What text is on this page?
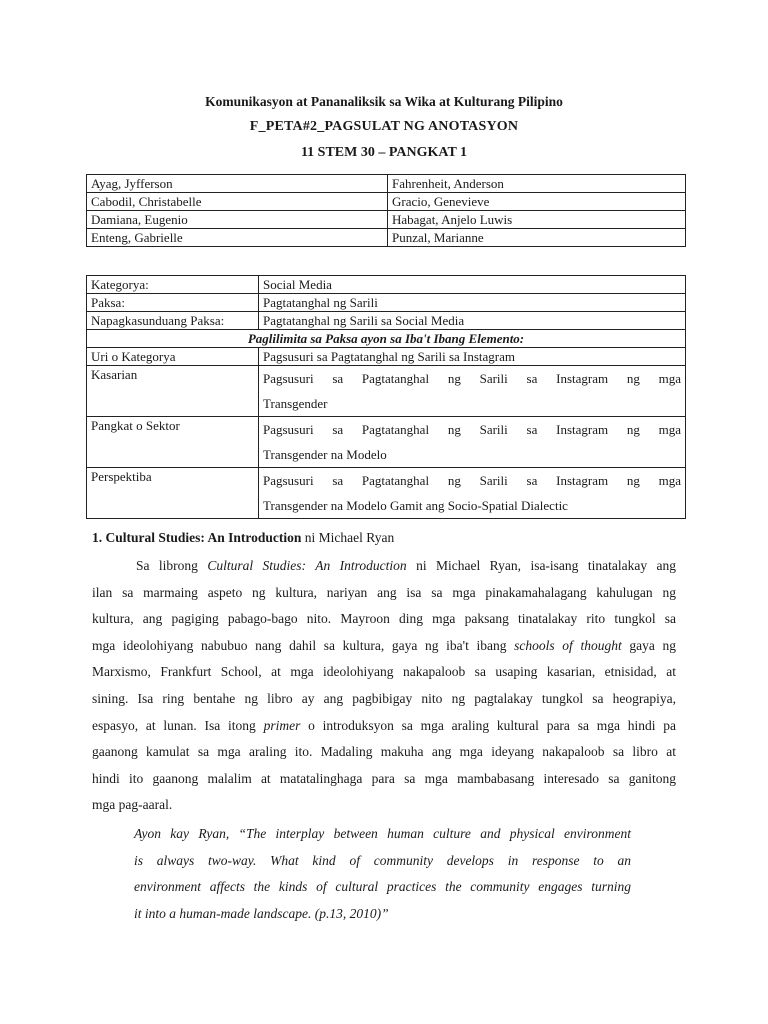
Komunikasyon at Pananaliksik sa Wika at Kulturang Pilipino
F_PETA#2_PAGSULAT NG ANOTASYON
11 STEM 30 – PANGKAT 1
Ayag, Jyfferson	Fahrenheit, Anderson
Cabodil, Christabelle	Gracio, Genevieve
Damiana, Eugenio	Habagat, Anjelo Luwis
Enteng, Gabrielle	Punzal, Marianne
Kategorya:	Social Media
Paksa:	Pagtatanghal ng Sarili
Napagkasunduang Paksa:	Pagtatanghal ng Sarili sa Social Media
Paglilimita sa Paksa ayon sa Iba't Ibang Elemento:	
Uri o Kategorya	Pagsusuri sa Pagtatanghal ng Sarili sa Instagram
Kasarian	Pagsusuri sa Pagtatanghal ng Sarili sa Instagram ng mga
Transgender

Pangkat o Sektor	Pagsusuri sa Pagtatanghal ng Sarili sa Instagram ng mga
Transgender na Modelo

Perspektiba	Pagsusuri sa Pagtatanghal ng Sarili sa Instagram ng mga
Transgender na Modelo Gamit ang Socio-Spatial Dialectic
1. Cultural Studies: An Introduction ni Michael Ryan
Sa librong Cultural Studies: An Introduction ni Michael Ryan, isa-isang tinatalakay ang
ilan sa marmaing aspeto ng kultura, nariyan ang isa sa mga pinakamahalagang kahulugan ng
kultura, ang pagiging pabago-bago nito. Mayroon ding mga paksang tinatalakay rito tungkol sa
mga ideolohiyang nabubuo nang dahil sa kultura, gaya ng iba't ibang schools of thought gaya ng
Marxismo, Frankfurt School, at mga ideolohiyang nakapaloob sa usaping kasarian, etnisidad, at
sining. Isa ring bentahe ng libro ay ang pagbibigay nito ng pagtalakay tungkol sa heograpiya,
espasyo, at lunan. Isa itong primer o introduksyon sa mga araling kultural para sa mga hindi pa
gaanong kamulat sa mga araling ito. Madaling makuha ang mga ideyang nakapaloob sa libro at
hindi ito gaanong malalim at matatalinghaga para sa mga mambabasang interesado sa ganitong
mga pag-aaral.
Ayon kay Ryan, “The interplay between human culture and physical environment
is always two-way. What kind of community develops in response to an
environment affects the kinds of cultural practices the community engages turning
it into a human-made landscape. (p.13, 2010)”
